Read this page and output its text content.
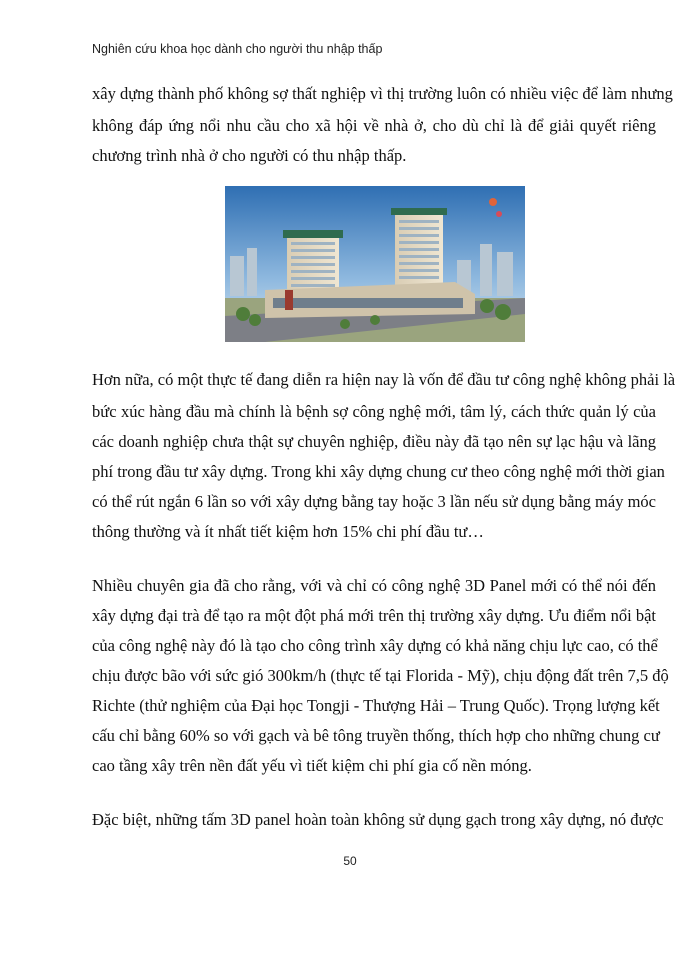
Nghiên cứu khoa học dành cho người thu nhập thấp
xây dựng thành phố không sợ thất nghiệp vì thị trường luôn có nhiều việc để làm nhưng
không đáp ứng nổi nhu cầu cho xã hội về nhà ở, cho dù chỉ là để giải quyết riêng
chương trình nhà ở cho người có thu nhập thấp.
Hơn nữa, có một thực tế đang diễn ra hiện nay là vốn để đầu tư công nghệ không phải là
bức xúc hàng đầu mà chính là bệnh sợ công nghệ mới, tâm lý, cách thức quản lý của
các doanh nghiệp chưa thật sự chuyên nghiệp, điều này đã tạo nên sự lạc hậu và lãng
phí trong đầu tư xây dựng. Trong khi xây dựng chung cư theo công nghệ mới thời gian
có thể rút ngắn 6 lần so với xây dựng bằng tay hoặc 3 lần nếu sử dụng bằng máy móc
thông thường và ít nhất tiết kiệm hơn 15% chi phí đầu tư…
Nhiều chuyên gia đã cho rằng, với và chỉ có công nghệ 3D Panel mới có thể nói đến
xây dựng đại trà để tạo ra một đột phá mới trên thị trường xây dựng. Ưu điểm nổi bật
của công nghệ này đó là tạo cho công trình xây dựng có khả năng chịu lực cao, có thể
chịu được bão với sức gió 300km/h (thực tế tại Florida - Mỹ), chịu động đất trên 7,5 độ
Richte (thử nghiệm của Đại học Tongji - Thượng Hải – Trung Quốc). Trọng lượng kết
cấu chỉ bằng 60% so với gạch và bê tông truyền thống, thích hợp cho những chung cư
cao tầng xây trên nền đất yếu vì tiết kiệm chi phí gia cố nền móng.
Đặc biệt, những tấm 3D panel hoàn toàn không sử dụng gạch trong xây dựng, nó được
50
